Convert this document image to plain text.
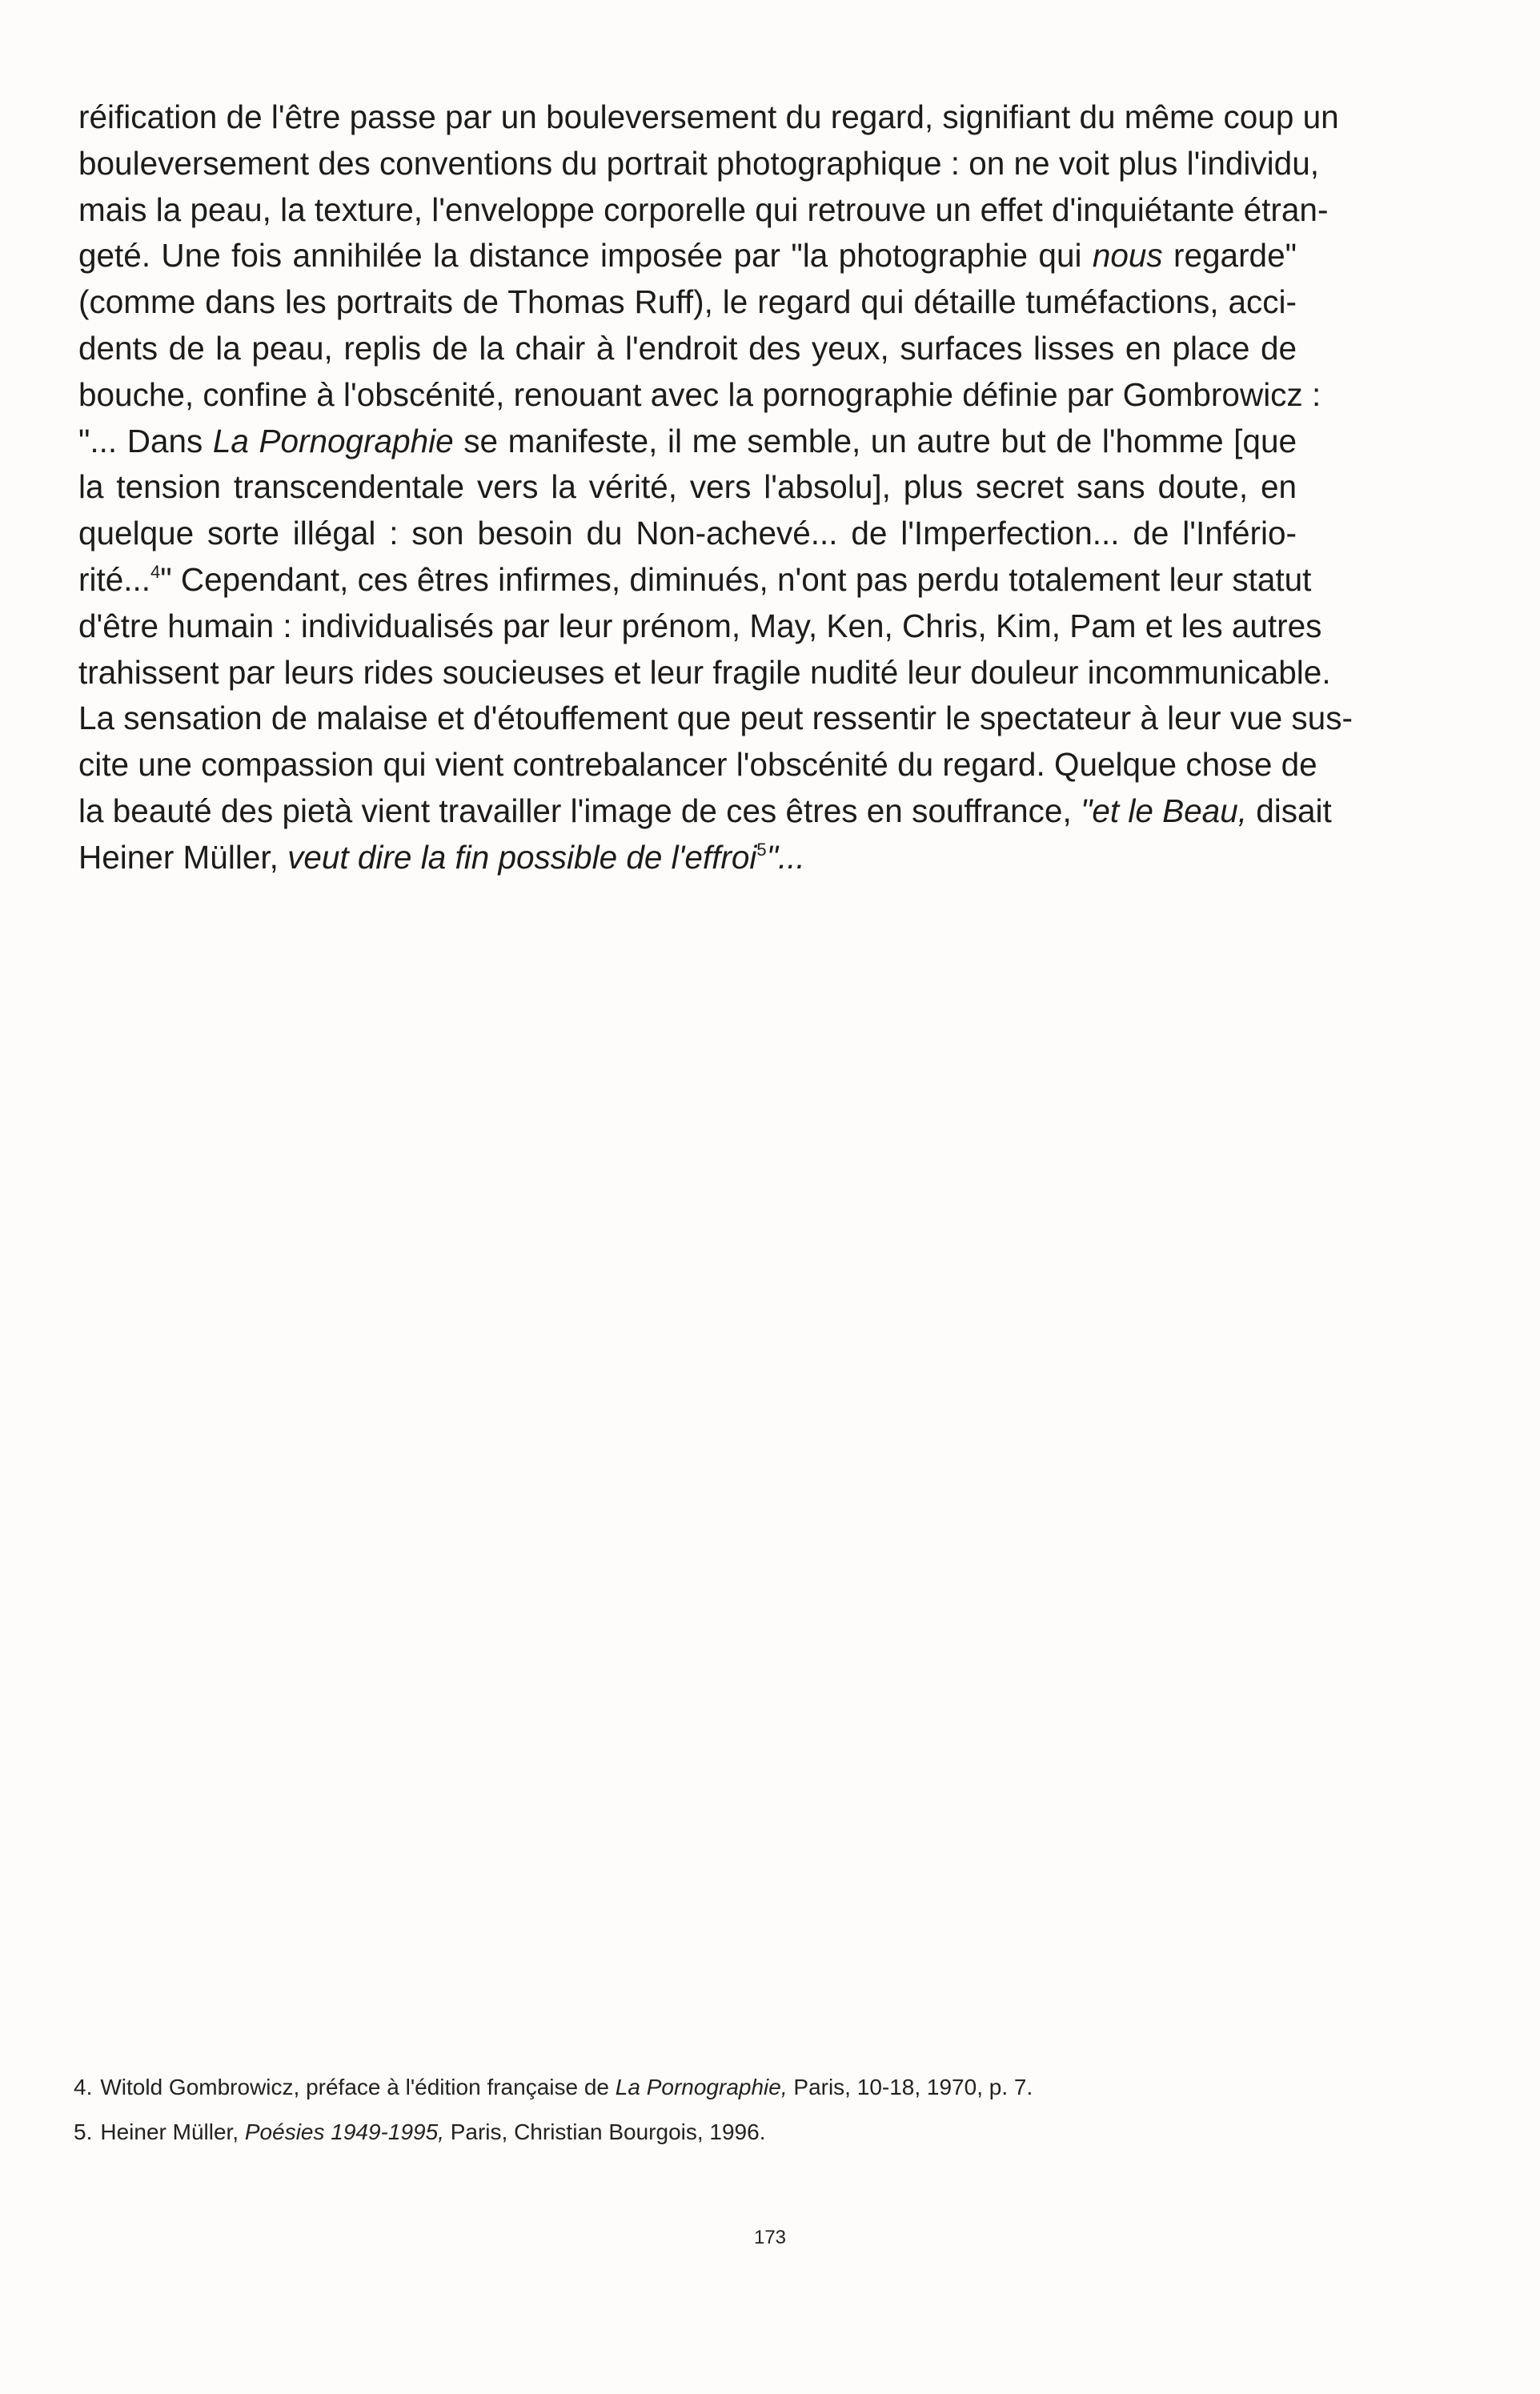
réification de l'être passe par un bouleversement du regard, signifiant du même coup un
bouleversement des conventions du portrait photographique : on ne voit plus l'individu,
mais la peau, la texture, l'enveloppe corporelle qui retrouve un effet d'inquiétante étran-
geté. Une fois annihilée la distance imposée par "la photographie qui nous regarde"
(comme dans les portraits de Thomas Ruff), le regard qui détaille tuméfactions, acci-
dents de la peau, replis de la chair à l'endroit des yeux, surfaces lisses en place de
bouche, confine à l'obscénité, renouant avec la pornographie définie par Gombrowicz :
"... Dans La Pornographie se manifeste, il me semble, un autre but de l'homme [que
la tension transcendentale vers la vérité, vers l'absolu], plus secret sans doute, en
quelque sorte illégal : son besoin du Non-achevé... de l'Imperfection... de l'Infério-
rité...$^4$" Cependant, ces êtres infirmes, diminués, n'ont pas perdu totalement leur statut
d'être humain : individualisés par leur prénom, May, Ken, Chris, Kim, Pam et les autres
trahissent par leurs rides soucieuses et leur fragile nudité leur douleur incommunicable.
La sensation de malaise et d'étouffement que peut ressentir le spectateur à leur vue sus-
cite une compassion qui vient contrebalancer l'obscénité du regard. Quelque chose de
la beauté des pietà vient travailler l'image de ces êtres en souffrance, "et le Beau, disait
Heiner Müller, veut dire la fin possible de l'effroi$^5$"...
4. Witold Gombrowicz, préface à l'édition française de La Pornographie, Paris, 10-18, 1970, p. 7.
5. Heiner Müller, Poésies 1949-1995, Paris, Christian Bourgois, 1996.
173
